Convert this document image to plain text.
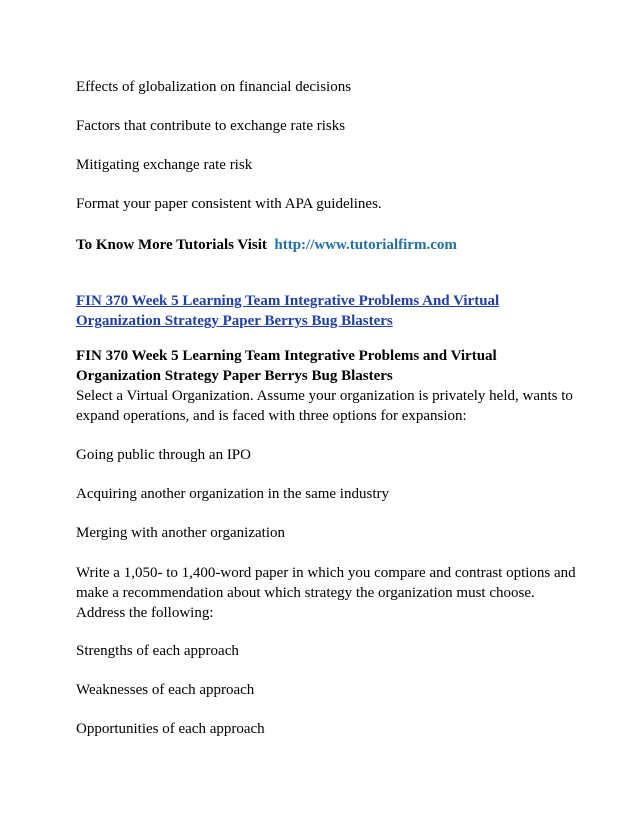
Effects of globalization on financial decisions
Factors that contribute to exchange rate risks
Mitigating exchange rate risk
Format your paper consistent with APA guidelines.
To Know More Tutorials Visit http://www.tutorialfirm.com
FIN 370 Week 5 Learning Team Integrative Problems And Virtual
Organization Strategy Paper Berrys Bug Blasters
FIN 370 Week 5 Learning Team Integrative Problems and Virtual
Organization Strategy Paper Berrys Bug Blasters
Select a Virtual Organization. Assume your organization is privately held, wants to
expand operations, and is faced with three options for expansion:
Going public through an IPO
Acquiring another organization in the same industry
Merging with another organization
Write a 1,050- to 1,400-word paper in which you compare and contrast options and
make a recommendation about which strategy the organization must choose.
Address the following:
Strengths of each approach
Weaknesses of each approach
Opportunities of each approach
